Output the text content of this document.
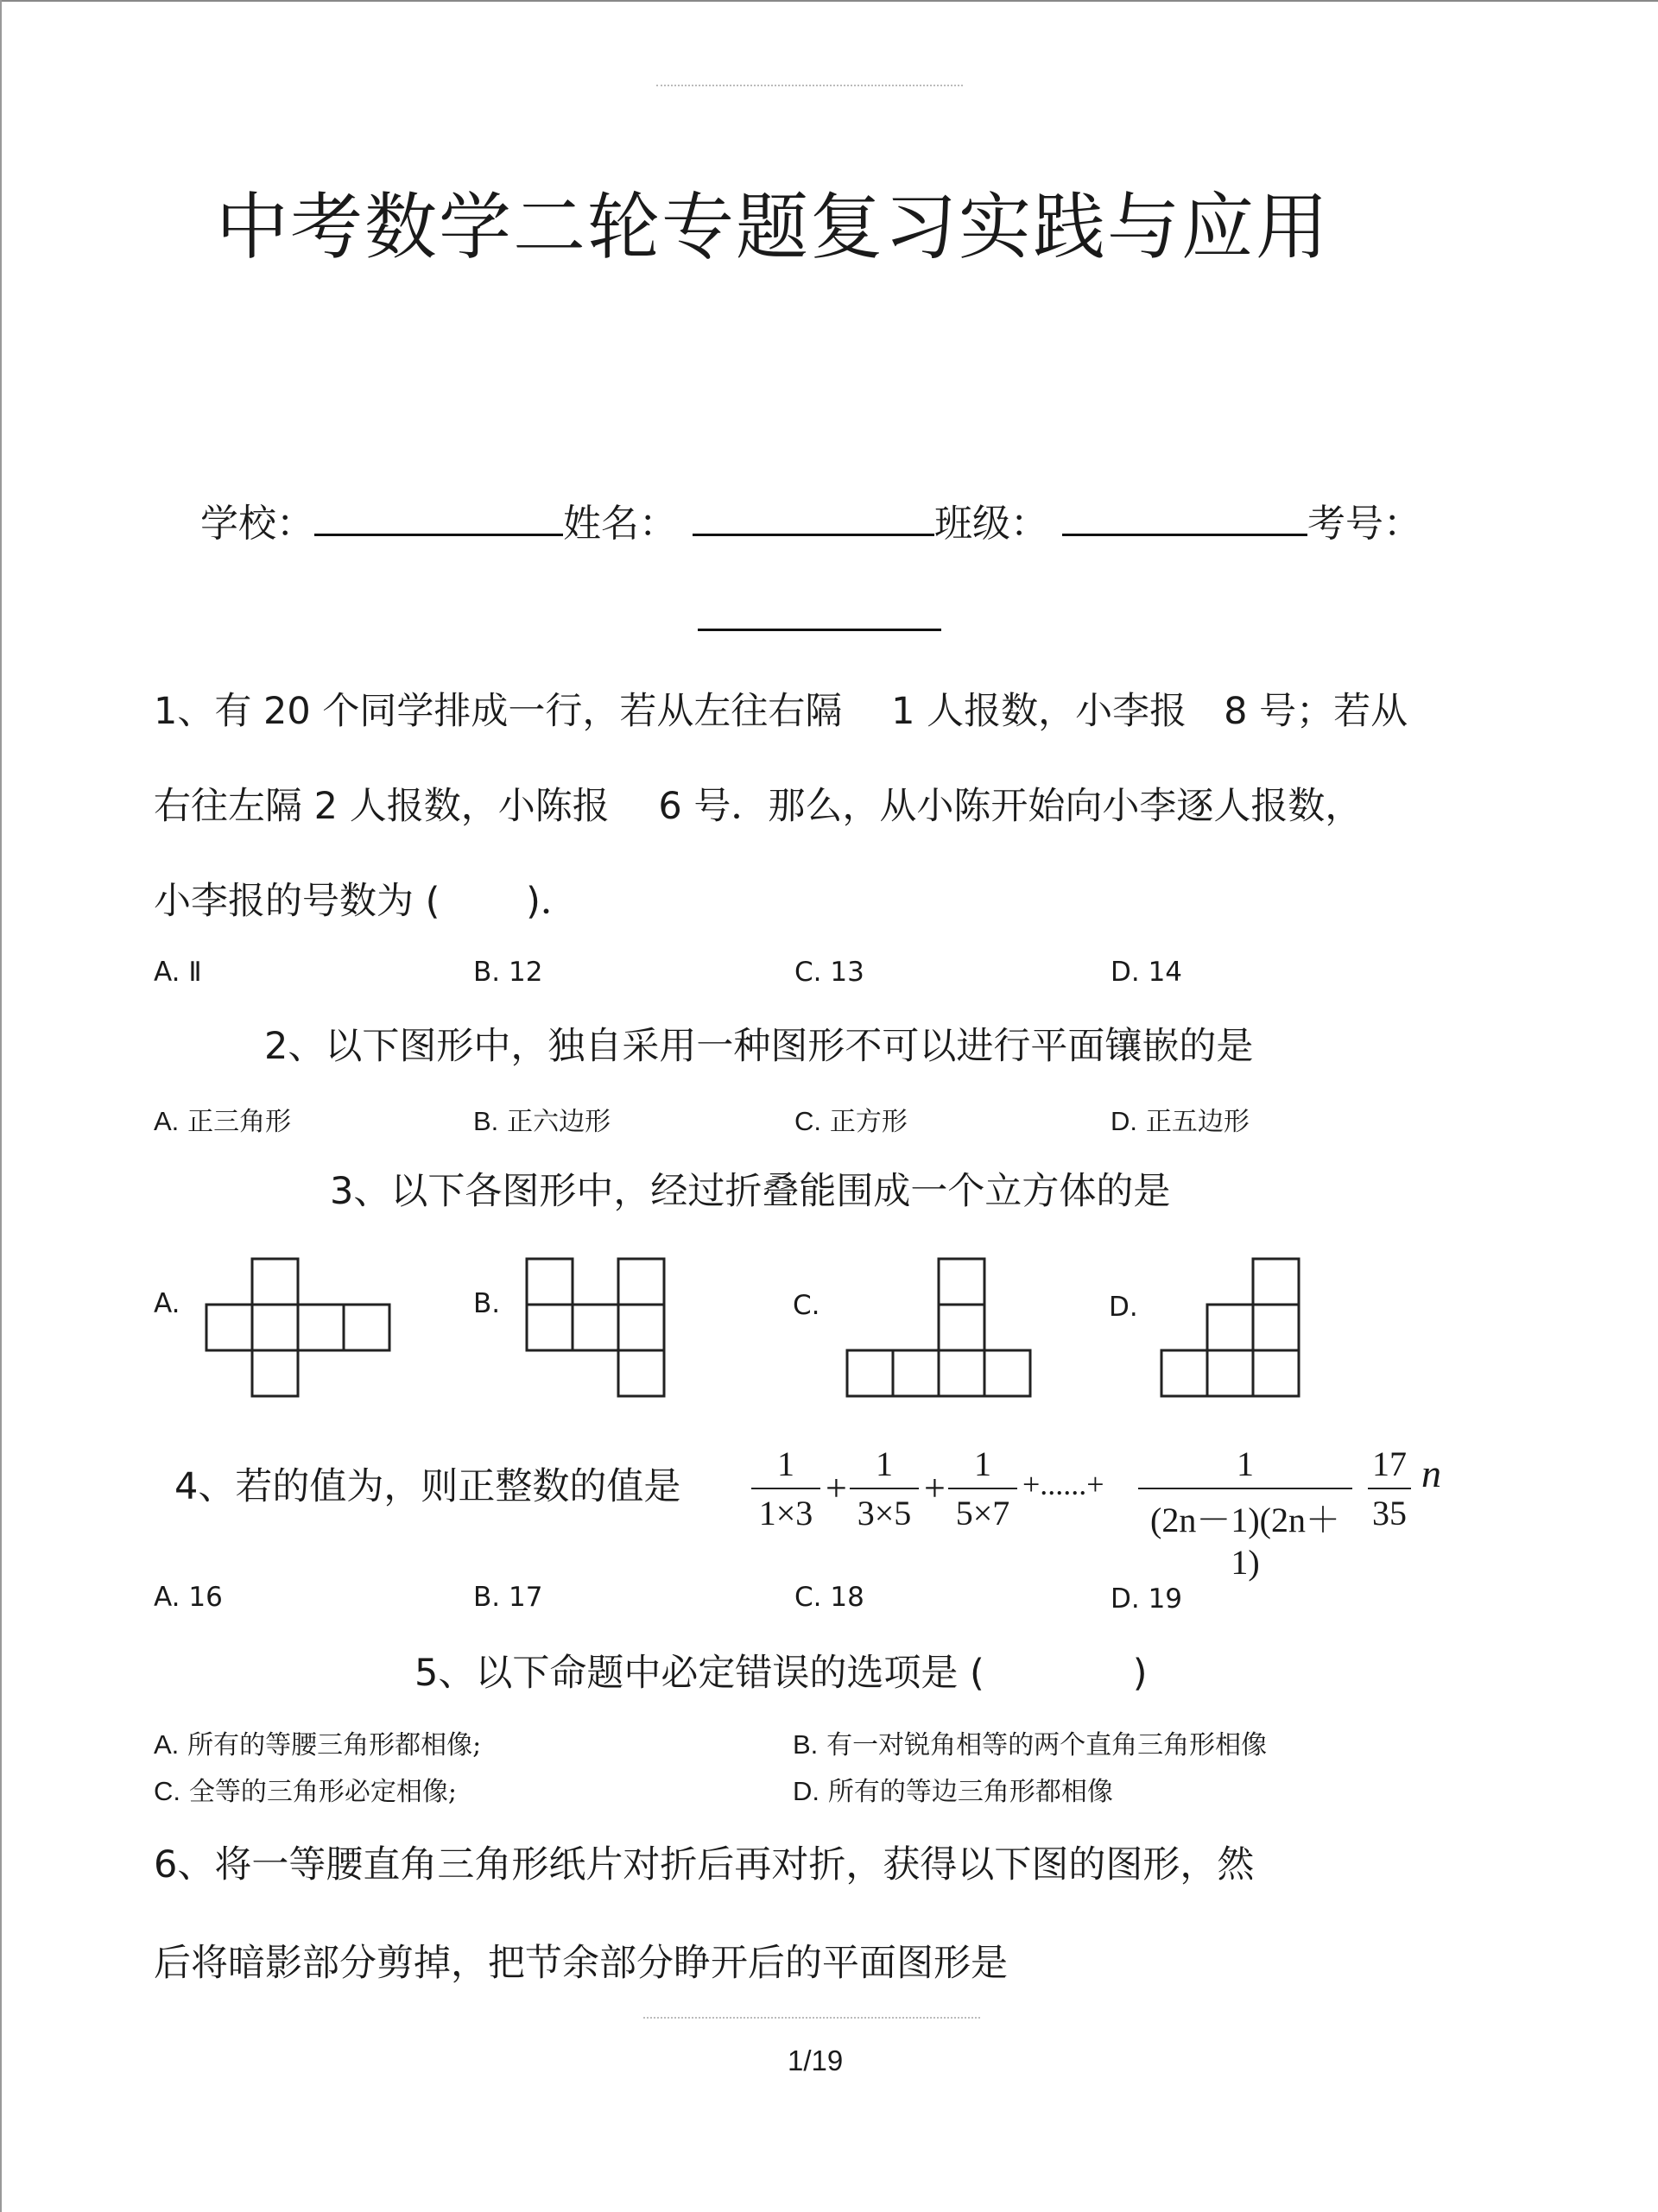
中考数学二轮专题复习实践与应用
学校：	姓名：	班级：	考号：
1、有 20 个同学排成一行，若从左往右隔　 1 人报数，小李报　8 号；若从
右往左隔 2 人报数，小陈报　 6 号．那么，从小陈开始向小李逐人报数，
小李报的号数为 (　　 )．
A. Ⅱ	B. 12	C. 13	D. 14
2、以下图形中，独自采用一种图形不可以进行平面镶嵌的是
A. 正三角形	B. 正六边形	C. 正方形	D. 正五边形
3、以下各图形中，经过折叠能围成一个立方体的是
A.	B.	C.	D.
4、若的值为，则正整数的值是
1
1×3
+
1
3×5
+
1
5×7
+......+
1
(2n－1)(2n＋1)
17
35
n
A. 16	B. 17	C. 18	D. 19
5、以下命题中必定错误的选项是 (　　　　)
A. 所有的等腰三角形都相像;	B. 有一对锐角相等的两个直角三角形相像
C. 全等的三角形必定相像;	D. 所有的等边三角形都相像
6、将一等腰直角三角形纸片对折后再对折，获得以下图的图形，然
后将暗影部分剪掉，把节余部分睁开后的平面图形是
1/19
